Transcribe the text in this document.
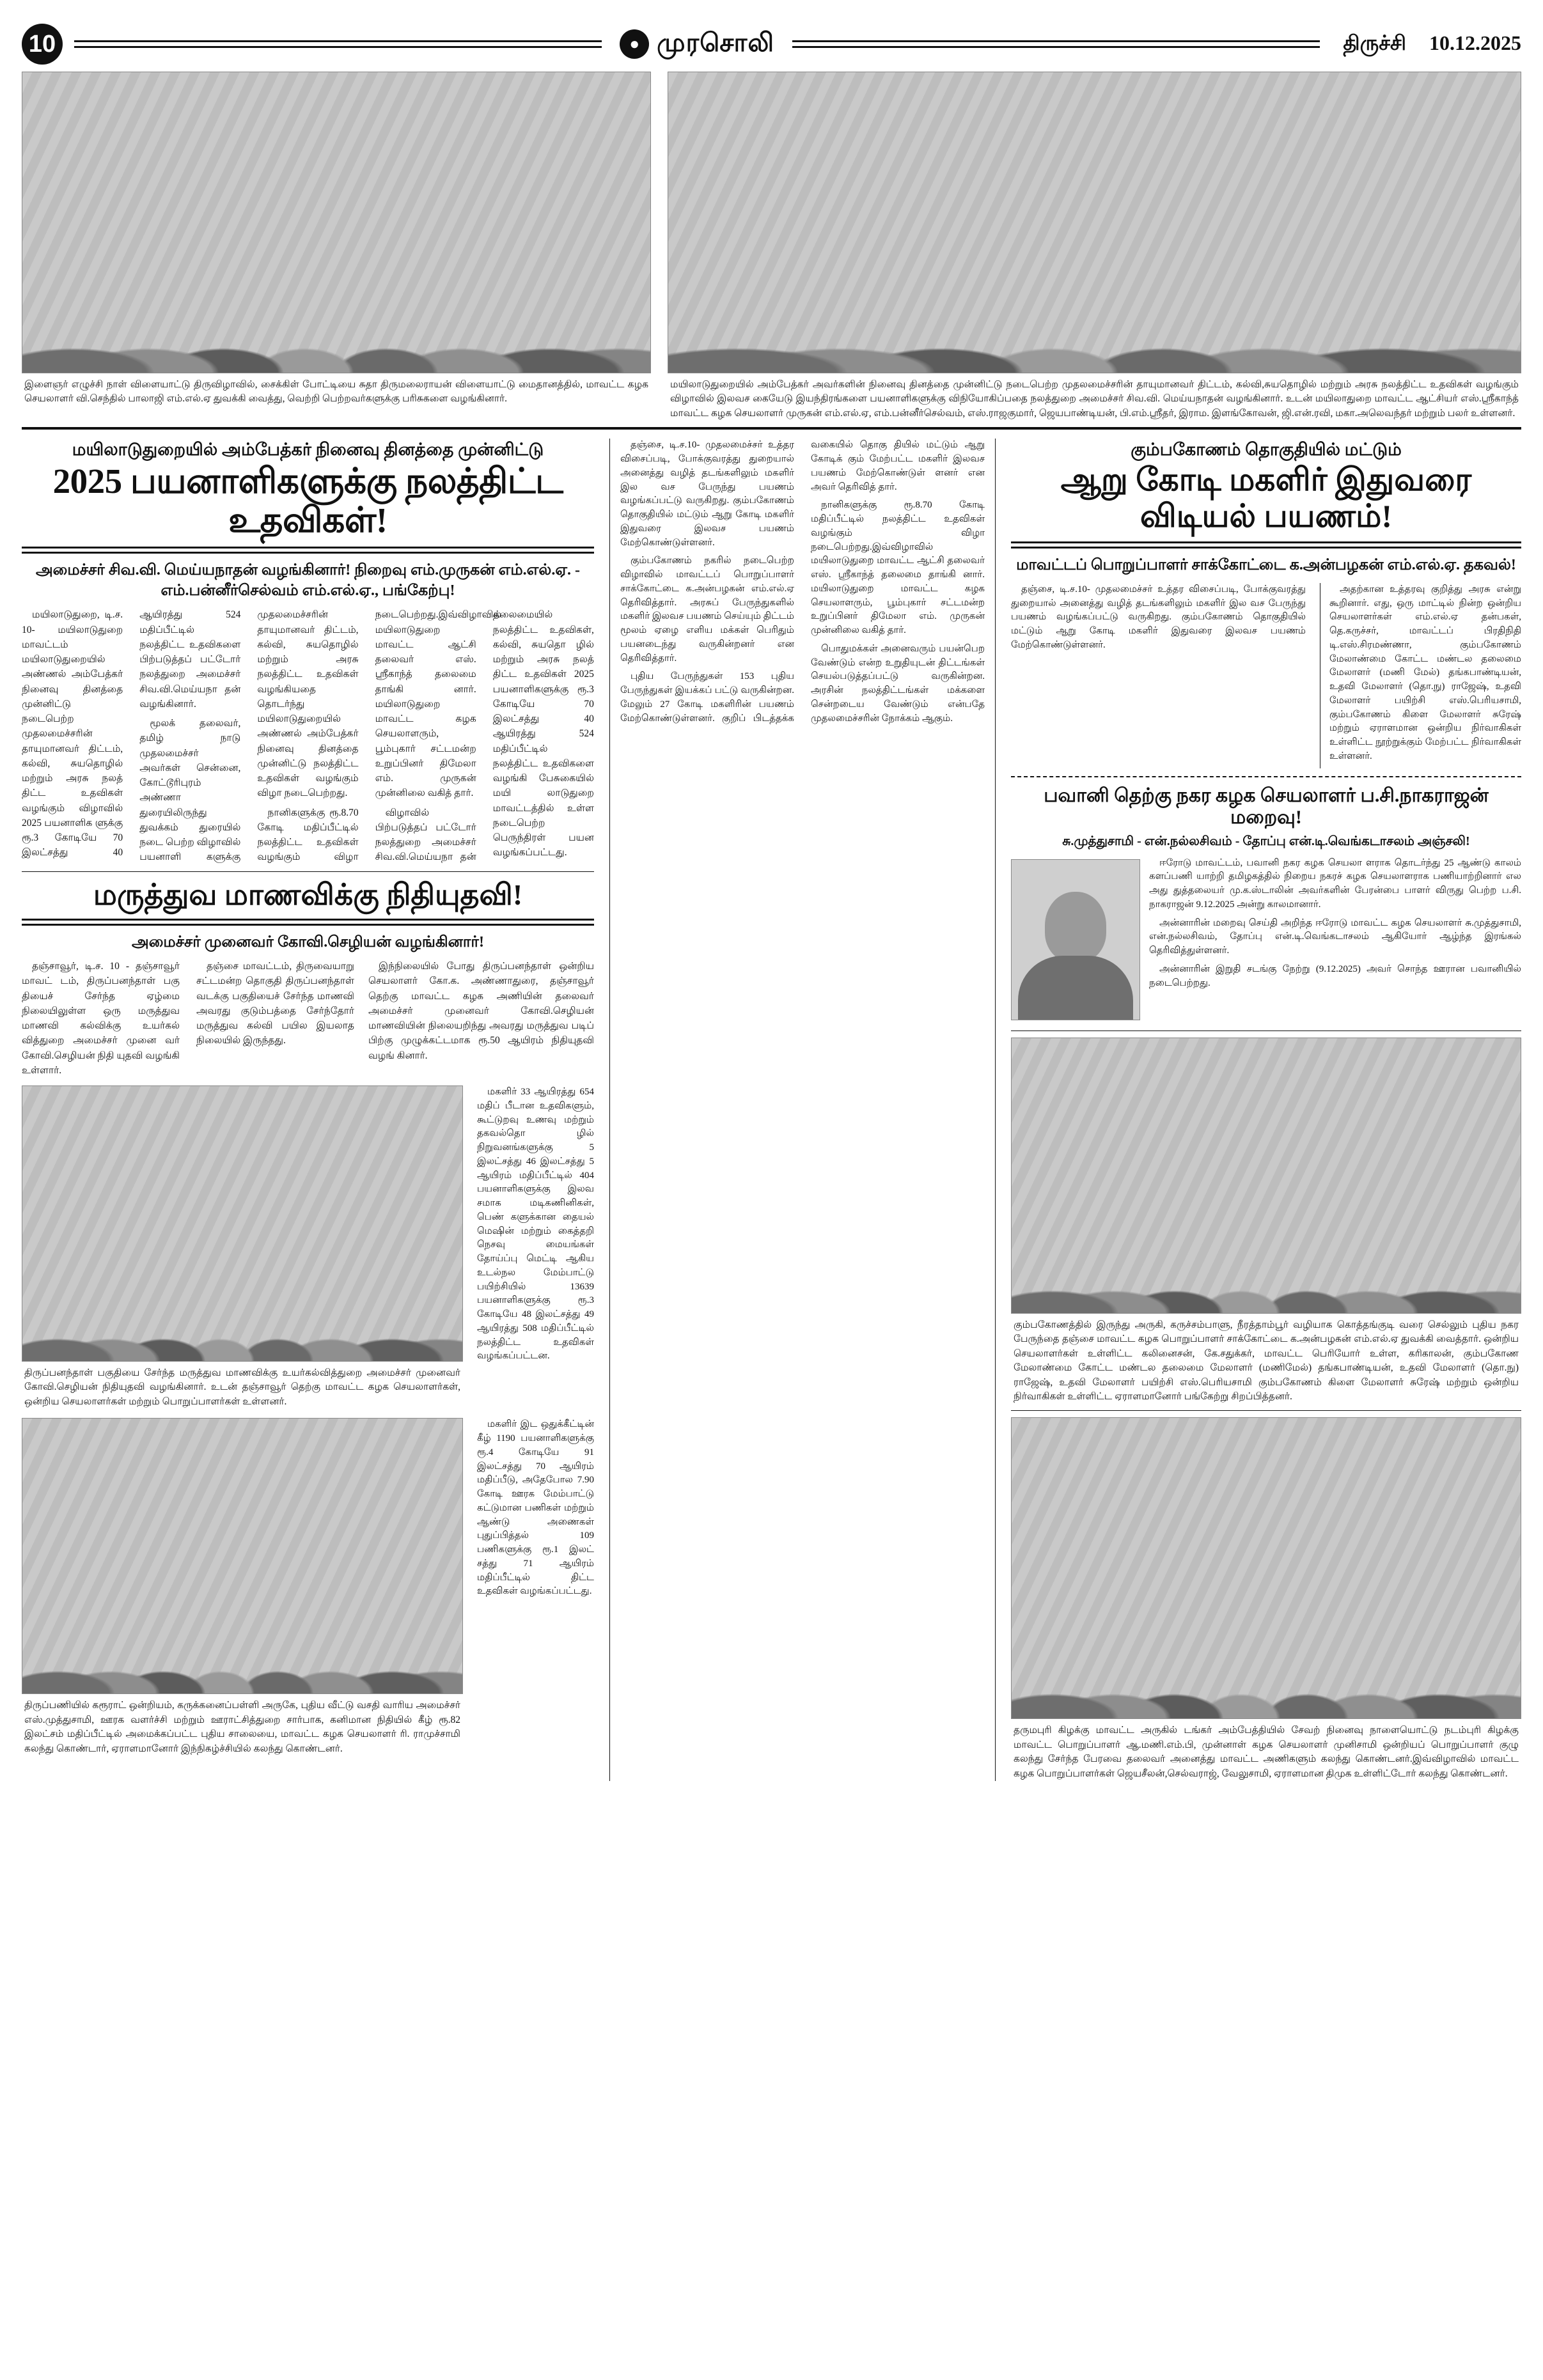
10	● முரசொலி	திருச்சி 10.12.2025
இளைஞர் எழுச்சி நாள் விளையாட்டு திருவிழாவில், சைக்கிள் போட்டியை சுதா திருமலைராயன் விளையாட்டு மைதானத்தில், மாவட்ட கழக செயலாளர் வி.செந்தில் பாலாஜி எம்.எல்.ஏ துவக்கி வைத்து, வெற்றி பெற்றவர்களுக்கு பரிசுகளை வழங்கினார்.
மயிலாடுதுறையில் அம்பேத்கர் அவர்களின் நினைவு தினத்தை முன்னிட்டு நடைபெற்ற முதலமைச்சரின் தாயுமானவர் திட்டம், கல்வி,சுயதொழில் மற்றும் அரசு நலத்திட்ட உதவிகள் வழங்கும் விழாவில் இலவச கையேடு இயந்திரங்களை பயனாளிகளுக்கு விநியோகிப்பதை நலத்துறை அமைச்சர் சிவ.வி. மெய்யநாதன் வழங்கினார். உடன் மயிலாதுறை மாவட்ட ஆட்சியர் எஸ்.ஸ்ரீகாந்த் மாவட்ட கழக செயலாளர் முருகன் எம்.எல்.ஏ, எம்.பன்னீர்செல்வம், எஸ்.ராஜகுமார், ஜெயபாண்டியன், பி.எம்.ஸ்ரீதர், இராம. இளங்கோவன், ஜி.என்.ரவி, மகா.அலெவந்தர் மற்றும் பலர் உள்ளனர்.
மயிலாடுதுறையில் அம்பேத்கர் நினைவு தினத்தை முன்னிட்டு
2025 பயனாளிகளுக்கு நலத்திட்ட உதவிகள்!
அமைச்சர் சிவ.வி. மெய்யநாதன் வழங்கினார்! நிறைவு எம்.முருகன் எம்.எல்.ஏ. - எம்.பன்னீர்செல்வம் எம்.எல்.ஏ., பங்கேற்பு!

மயிலாடுதுறை, டி.ச. 10- மயிலாடுதுறை மாவட்டம் மயிலாடுதுறையில் அண்ணல் அம்பேத்கர் நினைவு தினத்தை முன்னிட்டு நடைபெற்ற முதலமைச்சரின் தாயுமானவர் திட்டம், கல்வி, சுயதொழில் மற்றும் அரசு நலத் திட்ட உதவிகள் வழங்கும் விழாவில் 2025 பயனாளிக ளுக்கு ரூ.3 கோடியே 70 இலட்சத்து 40 ஆயிரத்து 524 மதிப்பீட்டில் நலத்திட்ட உதவிகளை பிற்படுத்தப் பட்டோர் நலத்துறை அமைச்சர் சிவ.வி.மெய்யநா தன் வழங்கினார்.

மூலக் தலைவர், தமிழ் நாடு முதலமைச்சர் அவர்கள் சென்னை, கோட்டூரிபுரம் அண்ணா துரையிலிருந்து துவக்கம் துரையில் நடை பெற்ற விழாவில் பயனாளி களுக்கு முதலமைச்சரின் தாயுமானவர் திட்டம், கல்வி, சுயதொழில் மற்றும் அரசு நலத்திட்ட உதவிகள் வழங்கியதை தொடர்ந்து மயிலாடுதுறையில் அண்ணல் அம்பேத்கர் நினைவு தினத்தை முன்னிட்டு நலத்திட்ட உதவிகள் வழங்கும் விழா நடைபெற்றது.

நானிகளுக்கு ரூ.8.70 கோடி மதிப்பீட்டில் நலத்திட்ட உதவிகள் வழங்கும் விழா நடைபெற்றது.இவ்விழாவில் மயிலாடுதுறை மாவட்ட ஆட்சி தலைவர் எஸ். ஸ்ரீகாந்த் தலைமை தாங்கி னார். மயிலாடுதுறை மாவட்ட கழக செயலாளரும், பூம்புகார் சட்டமன்ற உறுப்பினர் திமேலா எம். முருகன் முன்னிலை வகித் தார்.

விழாவில் பிற்படுத்தப் பட்டோர் நலத்துறை அமைச்சர் சிவ.வி.மெய்யநா தன் தலைமையில் நலத்திட்ட உதவிகள், கல்வி, சுயதொ ழில் மற்றும் அரசு நலத் திட்ட உதவிகள் 2025 பயனாளிகளுக்கு ரூ.3 கோடியே 70 இலட்சத்து 40 ஆயிரத்து 524 மதிப்பீட்டில் நலத்திட்ட உதவிகளை வழங்கி பேசுகையில் மயி லாடுதுறை மாவட்டத்தில் உள்ள நடைபெற்ற பெருந்திரள் பயன வழங்கப்பட்டது.

மருத்துவ மாணவிக்கு நிதியுதவி!
அமைச்சர் முனைவர் கோவி.செழியன் வழங்கினார்!

தஞ்சாவூர், டி.ச. 10 - தஞ்சாவூர் மாவட் டம், திருப்பனந்தாள் பகு தியைச் சேர்ந்த ஏழ்மை நிலையிலுள்ள ஒரு மருத்துவ மாணவி கல்விக்கு உயர்கல் வித்துறை அமைச்சர் முனை வர் கோவி.செழியன் நிதி யுதவி வழங்கி உள்ளார்.

தஞ்சை மாவட்டம், திருவையாறு சட்டமன்ற தொகுதி திருப்பனந்தாள் வடக்கு பகுதியைச் சேர்ந்த மாணவி அவரது குடும்பத்தை சேர்ந்தோர் மருத்துவ கல்வி பயில இயலாத நிலையில் இருந்தது.

இந்நிலையில் போது திருப்பனந்தாள் ஒன்றிய செயலாளர் கோ.க. அண்ணாதுரை, தஞ்சாவூர் தெற்கு மாவட்ட கழக அணியின் தலைவர் அமைச்சர் முனைவர் கோவி.செழியன் மாணவியின் நிலையறிந்து அவரது மருத்துவ படிப் பிற்கு முழுக்கட்டமாக ரூ.50 ஆயிரம் நிதியுதவி வழங் கினார்.

திருப்பனந்தாள் பகுதியை சேர்ந்த மருத்துவ மாணவிக்கு உயர்கல்வித்துறை அமைச்சர் முனைவர் கோவி.செழியன் நிதியுதவி வழங்கினார். உடன் தஞ்சாவூர் தெற்கு மாவட்ட கழக செயலாளர்கள், ஒன்றிய செயலாளர்கள் மற்றும் பொறுப்பாளர்கள் உள்ளனர்.

மகளிர் 33 ஆயிரத்து 654 மதிப் பீடான உதவிகளும், கூட்டுறவு உணவு மற்றும் தகவல்தொ ழில் நிறுவனங்களுக்கு 5 இலட்சத்து 46 இலட்சத்து 5 ஆயிரம் மதிப்பீட்டில் 404 பயனாளிகளுக்கு இலவ சமாக மடிகணினிகள், பெண் களுக்கான தையல் மெஷின் மற்றும் கைத்தறி நெசவு மையங்கள் தோய்ப்பு மெட்டி ஆகிய உடல்நல மேம்பாட்டு பயிற்சியில் 13639 பயனாளிகளுக்கு ரூ.3 கோடியே 48 இலட்சத்து 49 ஆயிரத்து 508 மதிப்பீட்டில் நலத்திட்ட உதவிகள் வழங்கப்பட்டன.

திருப்பணியில் கரூராட் ஒன்றியம், கருக்கனைப்பள்ளி அருகே, புதிய வீட்டு வசதி வாரிய அமைச்சர் எஸ்.முத்துசாமி, ஊரக வளர்ச்சி மற்றும் ஊராட்சித்துறை சார்பாக, கனிமான நிதியில் கீழ் ரூ.82 இலட்சம் மதிப்பீட்டில் அமைக்கப்பட்ட புதிய சாலையை, மாவட்ட கழக செயலாளர் ரி. ராமுச்சாமி கலந்து கொண்டார், ஏராளமானோர் இந்நிகழ்ச்சியில் கலந்து கொண்டனர்.

மகளிர் இட ஒதுக்கீட்டின் கீழ் 1190 பயனாளிகளுக்கு ரூ.4 கோடியே 91 இலட்சத்து 70 ஆயிரம் மதிப்பீடு, அதேபோல 7.90 கோடி ஊரக மேம்பாட்டு கட்டுமான பணிகள் மற்றும் ஆண்டு அணைகள் புதுப்பித்தல் 109 பணிகளுக்கு ரூ.1 இலட் சத்து 71 ஆயிரம் மதிப்பீட்டில் திட்ட உதவிகள் வழங்கப்பட்டது.

தஞ்சை, டி.ச.10- முதலமைச்சர் உத்தர விசைப்படி, போக்குவரத்து துறையால் அனைத்து வழித் தடங்களிலும் மகளிர் இல வச பேருந்து பயணம் வழங்கப்பட்டு வருகிறது. கும்பகோணம் தொகுதியில் மட்டும் ஆறு கோடி மகளிர் இதுவரை இலவச பயணம் மேற்கொண்டுள்ளனர்.

கும்பகோணம் நகரில் நடைபெற்ற விழாவில் மாவட்டப் பொறுப்பாளர் சாக்கோட்டை க.அன்பழகன் எம்.எல்.ஏ தெரிவித்தார். அரசுப் பேருந்துகளில் மகளிர் இலவச பயணம் செய்யும் திட்டம் மூலம் ஏழை எளிய மக்கள் பெரிதும் பயனடைந்து வருகின்றனர் என தெரிவித்தார்.

புதிய பேருந்துகள் 153 புதிய பேருந்துகள் இயக்கப் பட்டு வருகின்றன. மேலும் 27 கோடி மகளிரின் பயணம் மேற்கொண்டுள்ளனர். குறிப் பிடத்தக்க வகையில் தொகு தியில் மட்டும் ஆறு கோடிக் கும் மேற்பட்ட மகளிர் இலவச பயணம் மேற்கொண்டுள் ளனர் என அவர் தெரிவித் தார்.

நானிகளுக்கு ரூ.8.70 கோடி மதிப்பீட்டில் நலத்திட்ட உதவிகள் வழங்கும் விழா நடைபெற்றது.இவ்விழாவில் மயிலாடுதுறை மாவட்ட ஆட்சி தலைவர் எஸ். ஸ்ரீகாந்த் தலைமை தாங்கி னார். மயிலாடுதுறை மாவட்ட கழக செயலாளரும், பூம்புகார் சட்டமன்ற உறுப்பினர் திமேலா எம். முருகன் முன்னிலை வகித் தார்.

பொதுமக்கள் அனைவரும் பயன்பெற வேண்டும் என்ற உறுதியுடன் திட்டங்கள் செயல்படுத்தப்பட்டு வருகின்றன. அரசின் நலத்திட்டங்கள் மக்களை சென்றடைய வேண்டும் என்பதே முதலமைச்சரின் நோக்கம் ஆகும்.

கும்பகோணம் தொகுதியில் மட்டும்
ஆறு கோடி மகளிர் இதுவரை விடியல் பயணம்!
மாவட்டப் பொறுப்பாளர் சாக்கோட்டை க.அன்பழகன் எம்.எல்.ஏ. தகவல்!

தஞ்சை, டி.ச.10- முதலமைச்சர் உத்தர விசைப்படி, போக்குவரத்து துறையால் அனைத்து வழித் தடங்களிலும் மகளிர் இல வச பேருந்து பயணம் வழங்கப்பட்டு வருகிறது. கும்பகோணம் தொகுதியில் மட்டும் ஆறு கோடி மகளிர் இதுவரை இலவச பயணம் மேற்கொண்டுள்ளனர்.

அதற்கான உத்தரவு குறித்து அரசு என்று கூறினார். எது, ஒரு மாட்டில் நின்ற ஒன்றிய செயலாளர்கள் எம்.எல்.ஏ தன்பகள், தெ.கருச்சர், மாவட்டப் பிரதிநிதி டி.எஸ்.சிரமண்ணா, கும்பகோணம் மேலாண்மை கோட்ட மண்டல தலைமை மேலாளர் (மணி மேல்) தங்கபாண்டியன், உதவி மேலாளர் (தொ.நு) ராஜேஷ், உதவி மேலாளர் பயிற்சி எஸ்.பெரியசாமி, கும்பகோணம் கிளை மேலாளர் சுரேஷ் மற்றும் ஏராளமான ஒன்றிய நிர்வாகிகள் உள்ளிட்ட நூற்றுக்கும் மேற்பட்ட நிர்வாகிகள் உள்ளனர்.

பவானி தெற்கு நகர கழக செயலாளர் ப.சி.நாகராஜன் மறைவு!
சு.முத்துசாமி - என்.நல்லசிவம் - தோப்பு என்.டி.வெங்கடாசலம் அஞ்சலி!

ஈரோடு மாவட்டம், பவானி நகர கழக செயலா ளராக தொடர்ந்து 25 ஆண்டு காலம் களப்பணி யாற்றி தமிழகத்தில் நிறைய நகரச் கழக செயலாளராக பணியாற்றினார் எல அது துத்தலையர் மு.க.ஸ்டாலின் அவர்களின் பேரன்பை பாளர் விருது பெற்ற ப.சி. நாகராஜன் 9.12.2025 அன்று காலமானார்.

அன்னாரின் மறைவு செய்தி அறிந்த ஈரோடு மாவட்ட கழக செயலாளர் சு.முத்துசாமி, என்.நல்லசிவம், தோப்பு என்.டி.வெங்கடாசலம் ஆகியோர் ஆழ்ந்த இரங்கல் தெரிவித்துள்ளனர்.

அன்னாரின் இறுதி சடங்கு நேற்று (9.12.2025) அவர் சொந்த ஊரான பவானியில் நடைபெற்றது.

கும்பகோணத்தில் இருந்து அருகி, கருச்சம்பாளு, நீரத்தாம்பூர் வழியாக கொத்தங்குடி வரை செல்லும் புதிய நகர பேருந்தை தஞ்சை மாவட்ட கழக பொறுப்பாளர் சாக்கோட்டை க.அன்பழகன் எம்.எல்.ஏ துவக்கி வைத்தார். ஒன்றிய செயலாளர்கள் உள்ளிட்ட கலினைசன், கே.சதுக்கர், மாவட்ட பெரியோர் உள்ள, கரிகாலன், கும்பகோண மேலாண்மை கோட்ட மண்டல தலைமை மேலாளர் (மணிமேல்) தங்கபாண்டியன், உதவி மேலாளர் (தொ.நு) ராஜேஷ், உதவி மேலாளர் பயிற்சி எஸ்.பெரியசாமி கும்பகோணம் கிளை மேலாளர் சுரேஷ் மற்றும் ஒன்றிய நிர்வாகிகள் உள்ளிட்ட ஏராளமானோர் பங்கேற்று சிறப்பித்தனர்.
தருமபுரி கிழக்கு மாவட்ட அருகில் டங்கர் அம்பேத்தியில் சேவற் நினைவு நாளையொட்டு நடம்புரி கிழக்கு மாவட்ட பொறுப்பாளர் ஆ.மணி.எம்.பி, முன்னாள் கழக செயலாளர் முனிசாமி ஒன்றியப் பொறுப்பாளர் குழு கலந்து சேர்ந்த பேரவை தலைவர் அனைத்து மாவட்ட அணிகளும் கலந்து கொண்டனர்.இவ்விழாவில் மாவட்ட கழக பொறுப்பாளர்கள் ஜெயசீலன்,செல்வராஜ், வேலுசாமி, ஏராளமான திமுக உள்ளிட்டோர் கலந்து கொண்டனர்.
